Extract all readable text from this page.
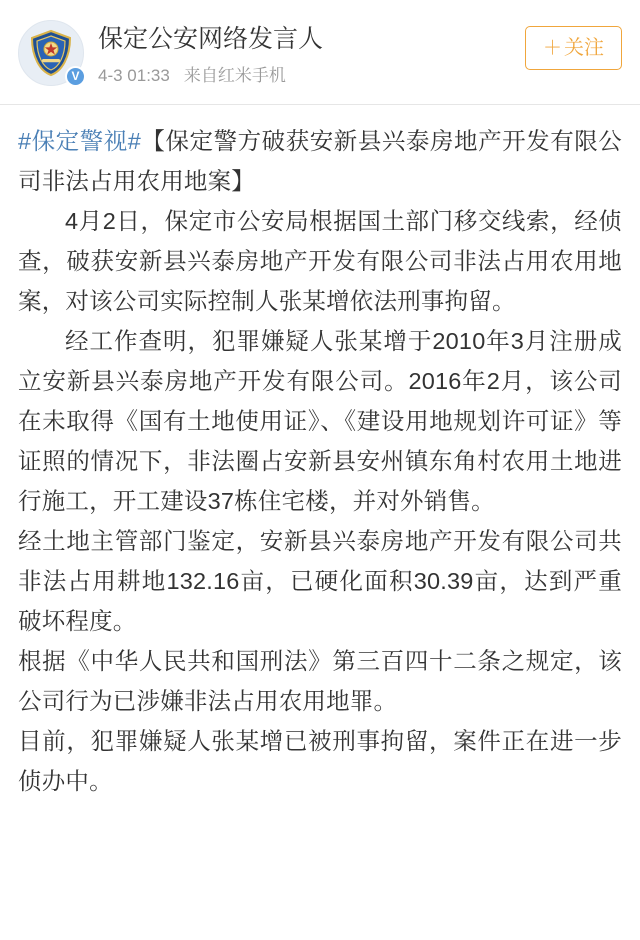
V
保定公安网络发言人
4-3 01:33 来自红米手机
＋ 关注

#保定警视#【保定警方破获安新县兴泰房地产开发有限公司非法占用农用地案】

4月2日，保定市公安局根据国土部门移交线索，经侦查，破获安新县兴泰房地产开发有限公司非法占用农用地案，对该公司实际控制人张某增依法刑事拘留。

经工作查明，犯罪嫌疑人张某增于2010年3月注册成立安新县兴泰房地产开发有限公司。2016年2月，该公司在未取得《国有土地使用证》、《建设用地规划许可证》等证照的情况下，非法圈占安新县安州镇东角村农用土地进行施工，开工建设37栋住宅楼，并对外销售。

经土地主管部门鉴定，安新县兴泰房地产开发有限公司共非法占用耕地132.16亩，已硬化面积30.39亩，达到严重破坏程度。

根据《中华人民共和国刑法》第三百四十二条之规定，该公司行为已涉嫌非法占用农用地罪。

目前，犯罪嫌疑人张某增已被刑事拘留，案件正在进一步侦办中。
